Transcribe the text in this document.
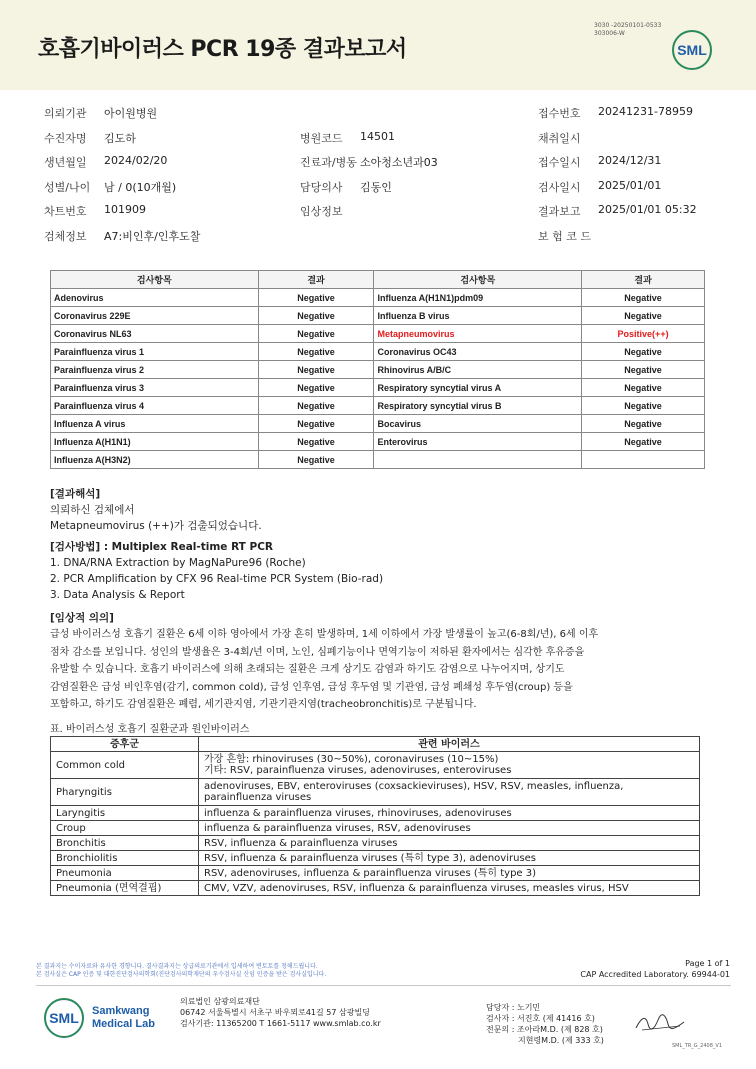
호흡기바이러스 PCR 19종 결과보고서
3030 -20250101-0533
303006-W
SML
의뢰기관 아이원병원	접수번호 20241231-78959
수진자명 김도하	병원코드 14501	채취일시
생년월일 2024/02/20	진료과/병동 소아청소년과03	접수일시 2024/12/31
성별/나이 남 / 0(10개월)	담당의사 김동인	검사일시 2025/01/01
차트번호 101909	임상정보	결과보고 2025/01/01 05:32
검체정보 A7:비인후/인후도찰	보 험 코 드
검사항목	결과	검사항목	결과
Adenovirus	Negative	Influenza A(H1N1)pdm09	Negative
Coronavirus 229E	Negative	Influenza B virus	Negative
Coronavirus NL63	Negative	Metapneumovirus	Positive(++)
Parainfluenza virus 1	Negative	Coronavirus OC43	Negative
Parainfluenza virus 2	Negative	Rhinovirus A/B/C	Negative
Parainfluenza virus 3	Negative	Respiratory syncytial virus A	Negative
Parainfluenza virus 4	Negative	Respiratory syncytial virus B	Negative
Influenza A virus	Negative	Bocavirus	Negative
Influenza A(H1N1)	Negative	Enterovirus	Negative
Influenza A(H3N2)	Negative		
[결과해석]
의뢰하신 검체에서
Metapneumovirus (++)가 검출되었습니다.
[검사방법] : Multiplex Real-time RT PCR
1. DNA/RNA Extraction by MagNaPure96 (Roche)
2. PCR Amplification by CFX 96 Real-time PCR System (Bio-rad)
3. Data Analysis & Report
[임상적 의의]
급성 바이러스성 호흡기 질환은 6세 이하 영아에서 가장 흔히 발생하며, 1세 이하에서 가장 발생률이 높고(6-8회/년), 6세 이후
점차 감소를 보입니다. 성인의 발생율은 3-4회/년 이며, 노인, 심폐기능이나 면역기능이 저하된 환자에서는 심각한 후유증을
유발할 수 있습니다. 호흡기 바이러스에 의해 초래되는 질환은 크게 상기도 감염과 하기도 감염으로 나누어지며, 상기도
감염질환은 급성 비인후염(감기, common cold), 급성 인후염, 급성 후두염 및 기관염, 급성 폐쇄성 후두염(croup) 등을
포함하고, 하기도 감염질환은 폐렴, 세기관지염, 기관기관지염(tracheobronchitis)로 구분됩니다.
표. 바이러스성 호흡기 질환군과 원인바이러스
증후군	관련 바이러스
Common cold	가장 흔함: rhinoviruses (30~50%), coronaviruses (10~15%)
기타: RSV, parainfluenza viruses, adenoviruses, enteroviruses

Pharyngitis	adenoviruses, EBV, enteroviruses (coxsackieviruses), HSV, RSV, measles, influenza,
parainfluenza viruses

Laryngitis	influenza & parainfluenza viruses, rhinoviruses, adenoviruses
Croup	influenza & parainfluenza viruses, RSV, adenoviruses
Bronchitis	RSV, influenza & parainfluenza viruses
Bronchiolitis	RSV, influenza & parainfluenza viruses (특히 type 3), adenoviruses
Pneumonia	RSV, adenoviruses, influenza & parainfluenza viruses (특히 type 3)
Pneumonia (면역결핍)	CMV, VZV, adenoviruses, RSV, influenza & parainfluenza viruses, measles virus, HSV
본 결과지는 수이자료와 유사한 경향니다. 결사결과지는 상급의료기관에서 입세하여 변토토를 청해드립니다.
본 검사실은 CAP 인증 및 대한진단검사의학회(진단검사의학재단의 우수검사실 신임 인증을 받은 검사실입니다.
Page 1 of 1
CAP Accredited Laboratory. 69944-01
SML Samkwang
Medical Lab
의료법인 삼광의료재단
06742 서울특별시 서초구 바우뫼로41길 57 삼광빌딩
검사기관: 11365200 T 1661-5117 www.smlab.co.kr
담당자 : 노기민
검사자 : 서진호 (제 41416 호)
전문의 : 조아라M.D. (제 828 호)
지현령M.D. (제 333 호)
SML_TR_G_2408_V1
